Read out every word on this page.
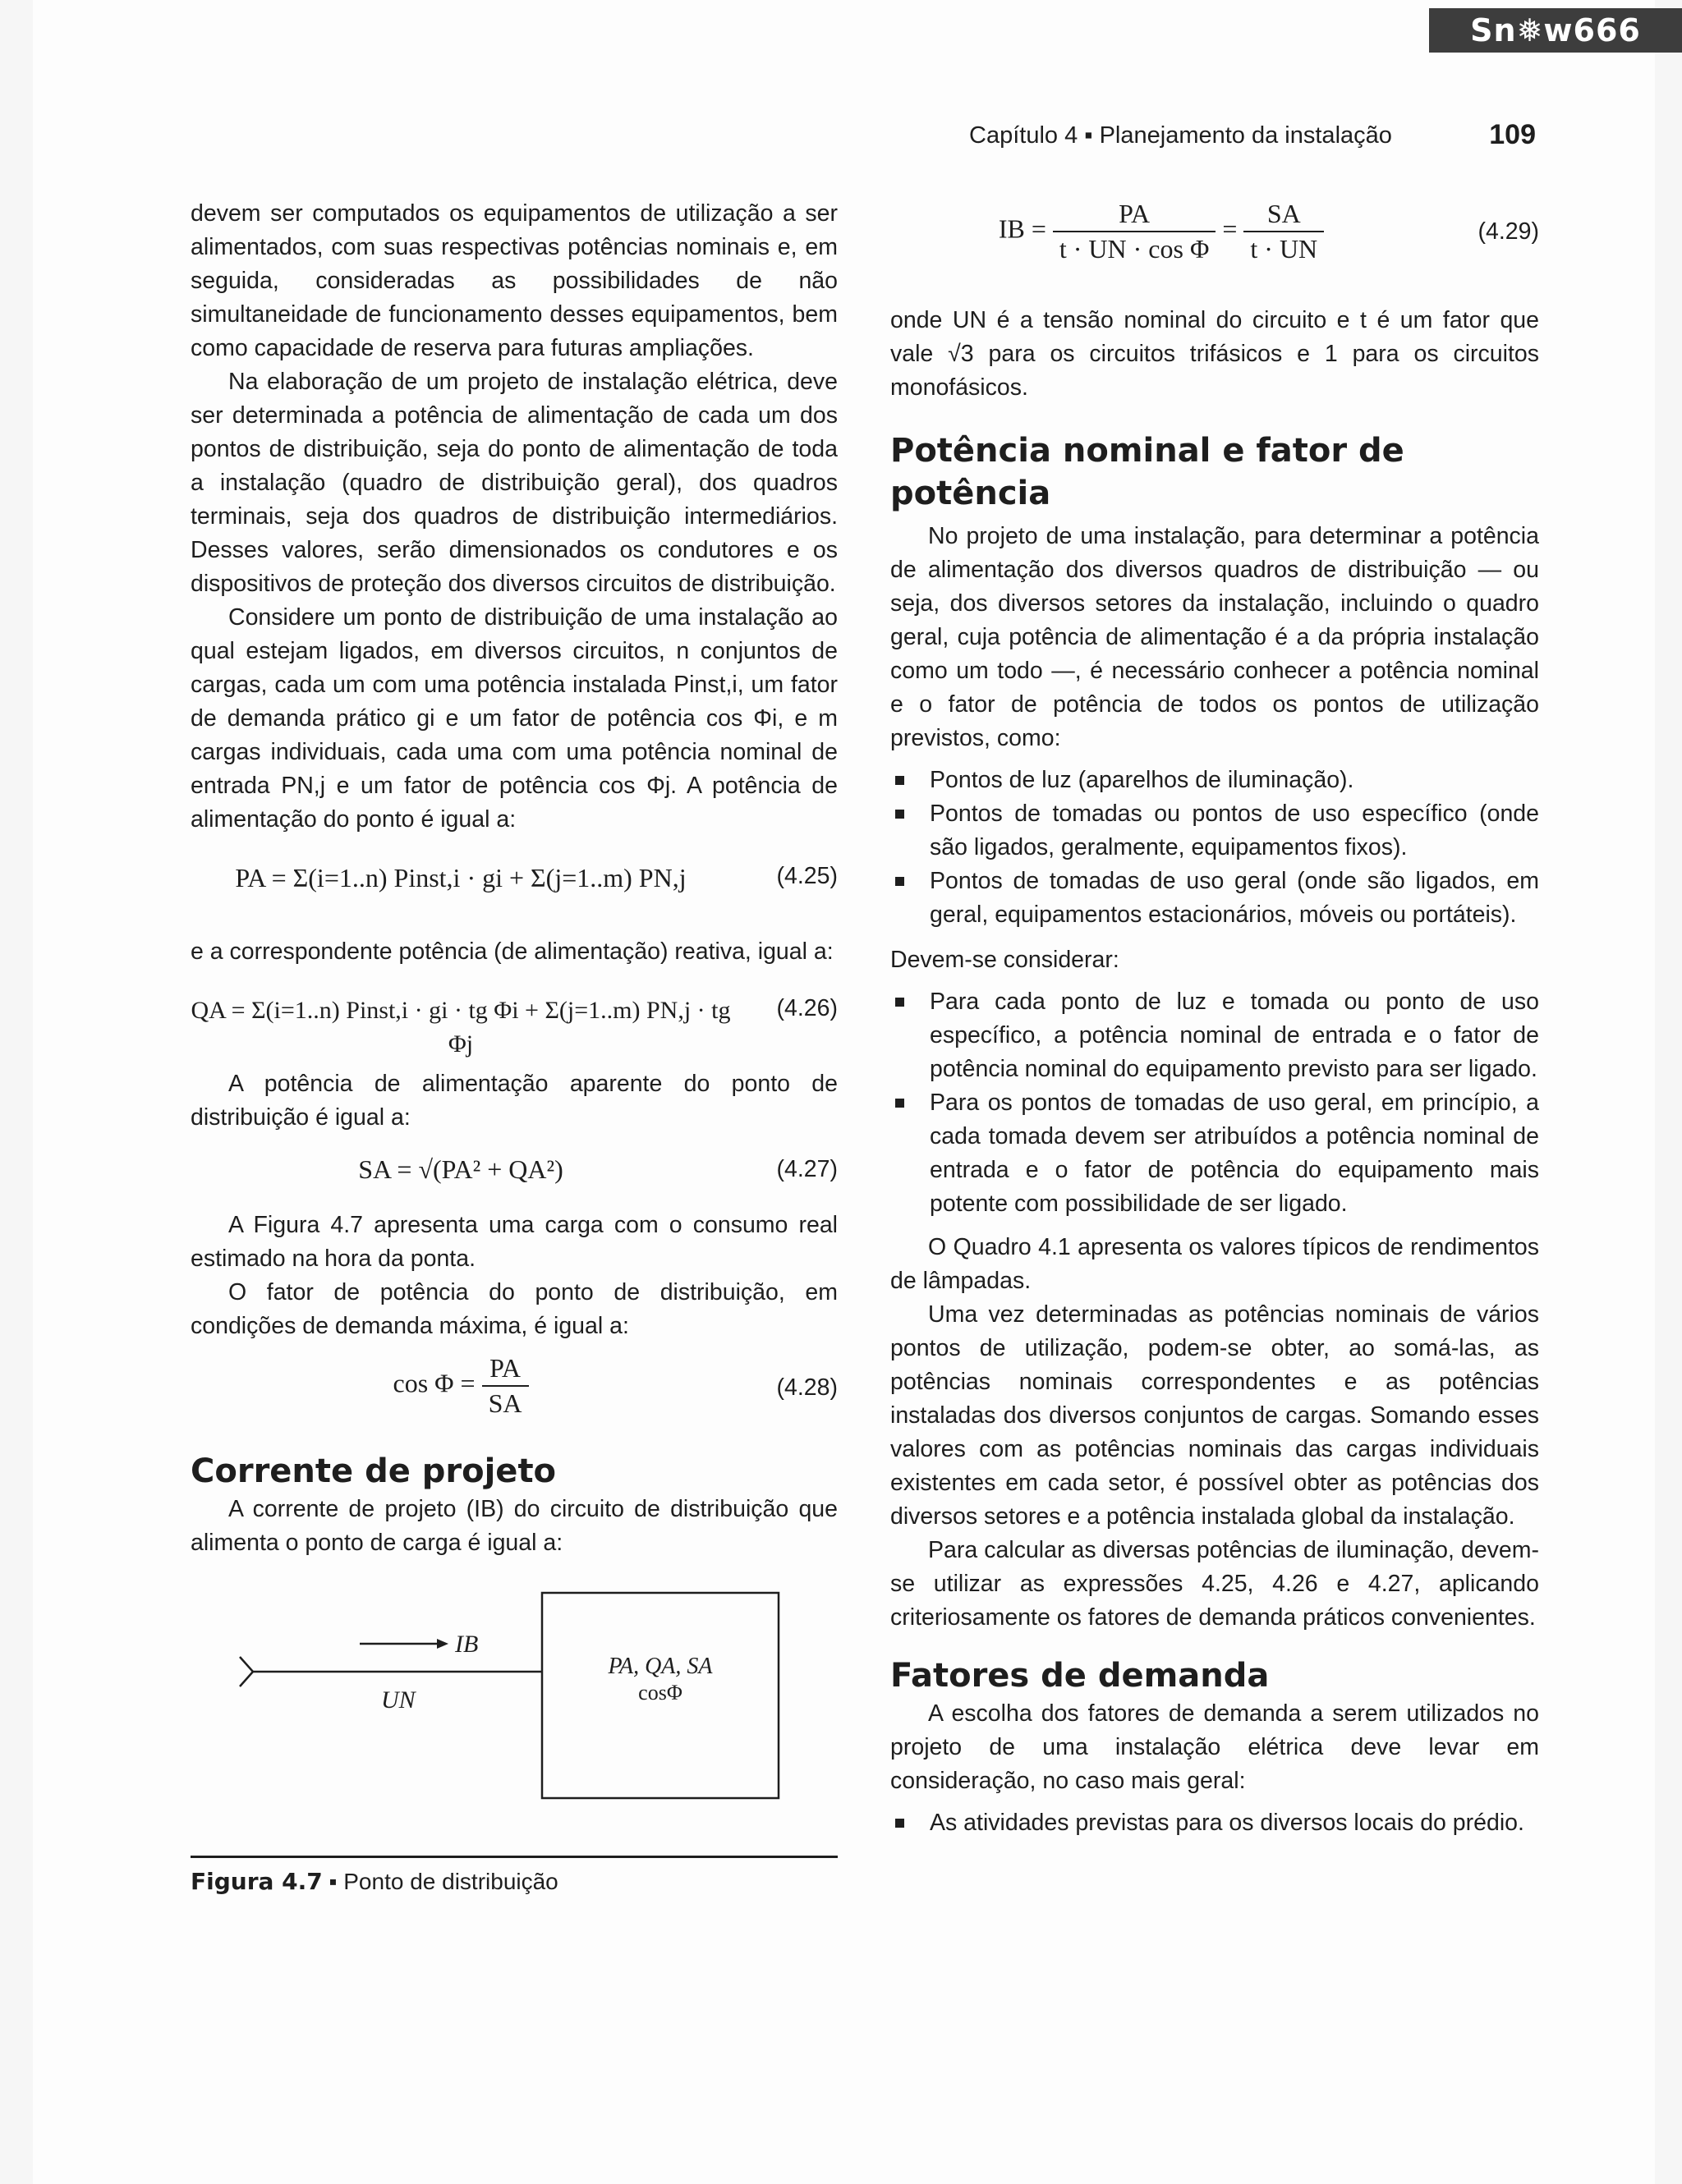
Sn❅w666
Capítulo 4 ▪ Planejamento da instalação	109

devem ser computados os equipamentos de utilização a ser alimentados, com suas respectivas potências nominais e, em seguida, consideradas as possibilidades de não simultaneidade de funcionamento desses equipamentos, bem como capacidade de reserva para futuras ampliações.

Na elaboração de um projeto de instalação elétrica, deve ser determinada a potência de alimentação de cada um dos pontos de distribuição, seja do ponto de alimentação de toda a instalação (quadro de distribuição geral), dos quadros terminais, seja dos quadros de distribuição intermediários. Desses valores, serão dimensionados os condutores e os dispositivos de proteção dos diversos circuitos de distribuição.

Considere um ponto de distribuição de uma instalação ao qual estejam ligados, em diversos circuitos, n conjuntos de cargas, cada um com uma potência instalada Pinst,i, um fator de demanda prático gi e um fator de potência cos Φi, e m cargas individuais, cada uma com uma potência nominal de entrada PN,j e um fator de potência cos Φj. A potência de alimentação do ponto é igual a:

PA = Σ(i=1..n) Pinst,i · gi + Σ(j=1..m) PN,j	(4.25)

e a correspondente potência (de alimentação) reativa, igual a:

QA = Σ(i=1..n) Pinst,i · gi · tg Φi + Σ(j=1..m) PN,j · tg Φj
(4.26)

A potência de alimentação aparente do ponto de distribuição é igual a:

SA = √(PA² + QA²)	(4.27)

A Figura 4.7 apresenta uma carga com o consumo real estimado na hora da ponta.

O fator de potência do ponto de distribuição, em condições de demanda máxima, é igual a:

$\cos \Phi = \frac{PA}{SA}$	(4.28)
Corrente de projeto

A corrente de projeto (IB) do circuito de distribuição que alimenta o ponto de carga é igual a:

IB
UN
PA, QA, SA
cosΦ
Figura 4.7 ▪ Ponto de distribuição
IB = $\frac{PA}{\text{t · UN · cos Φ}} = \frac{SA}{t \cdot UN}$	(4.29)

onde UN é a tensão nominal do circuito e t é um fator que vale √3 para os circuitos trifásicos e 1 para os circuitos monofásicos.

Potência nominal e fator de potência

No projeto de uma instalação, para determinar a potência de alimentação dos diversos quadros de distribuição — ou seja, dos diversos setores da instalação, incluindo o quadro geral, cuja potência de alimentação é a da própria instalação como um todo —, é necessário conhecer a potência nominal e o fator de potência de todos os pontos de utilização previstos, como:

Pontos de luz (aparelhos de iluminação).
Pontos de tomadas ou pontos de uso específico (onde são ligados, geralmente, equipamentos fixos).
Pontos de tomadas de uso geral (onde são ligados, em geral, equipamentos estacionários, móveis ou portáteis).

Devem-se considerar:

Para cada ponto de luz e tomada ou ponto de uso específico, a potência nominal de entrada e o fator de potência nominal do equipamento previsto para ser ligado.
Para os pontos de tomadas de uso geral, em princípio, a cada tomada devem ser atribuídos a potência nominal de entrada e o fator de potência do equipamento mais potente com possibilidade de ser ligado.

O Quadro 4.1 apresenta os valores típicos de rendimentos de lâmpadas.

Uma vez determinadas as potências nominais de vários pontos de utilização, podem-se obter, ao somá-las, as potências nominais correspondentes e as potências instaladas dos diversos conjuntos de cargas. Somando esses valores com as potências nominais das cargas individuais existentes em cada setor, é possível obter as potências dos diversos setores e a potência instalada global da instalação.

Para calcular as diversas potências de iluminação, devem-se utilizar as expressões 4.25, 4.26 e 4.27, aplicando criteriosamente os fatores de demanda práticos convenientes.

Fatores de demanda

A escolha dos fatores de demanda a serem utilizados no projeto de uma instalação elétrica deve levar em consideração, no caso mais geral:

As atividades previstas para os diversos locais do prédio.
